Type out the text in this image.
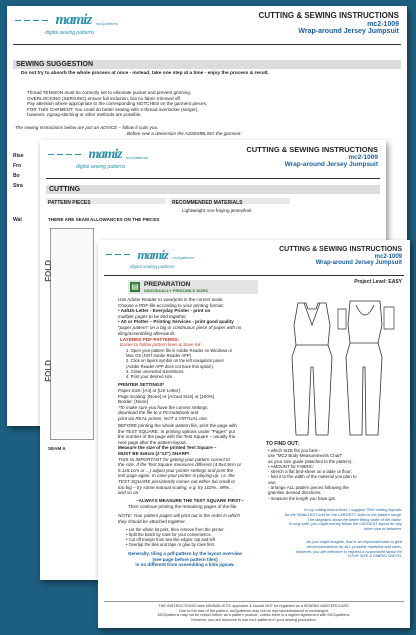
mamiz mc2patterns
digital sewing patterns
CUTTING & SEWING INSTRUCTIONS
mc2-1009
Wrap-around Jersey Jumpsuit
SEWING SUGGESTION
Do not try to absorb the whole process at once - instead, take one step at a time - enjoy the process & result.
Thread TENSION must be correctly set to eliminate pucker and prevent grinning.
OVERLOCKING (SERGING) ensure full inclusion, but no fabric trimmed off.
Pay attention where appropriate to the corresponding NOTCHES on the garment pieces.
FOR THIS GARMENT: You could do better sewing with 4-thread overlocker (serger),
however, zigzag-stitching or other methods are possible.
The sewing instructions below are just an ADVICE – follow it suits you.
Before sew a dimension the ASSEMBLING the garment.
Rise
Fro
Bo
Stra
Wai
mamiz mc2patterns
digital sewing patterns
CUTTING & SEWING INSTRUCTIONS
mc2-1009
Wrap-around Jersey Jumpsuit
CUTTING
PATTERN PIECES	RECOMMENDED MATERIALS
Lightweight non-fraying jersey/knit
THERE ARE SEAM ALLOWANCES ON THE PIECES
FOLD
FOLD
SEAM A
mamiz mc2patterns
digital sewing patterns
CUTTING & SEWING INSTRUCTIONS
mc2-1009
Wrap-around Jersey Jumpsuit
Project Level: EASY
▤ PREPARATION
INDIVIDUALLY PRINTABLE SIZES
Use Adobe Reader to view/print in the correct scale.
Choose a PDF-file according to your printing format:
• A4/US-Letter - Everyday Printer - print on
multiple pages to be tied together.
• A0 or Plotter – Printing Services - print good quality
"paper pattern" on a big or continuous piece of paper with no
tiling/assembling afterwards.
LAYERED PDF-PATTERNS:
Easier to follow pattern lines & Save ink
1. Open your pattern file in Adobe Reader on Windows or
Mac OS (NOT Adobe Reader APP).
2. Click on layers symbol on the left navigation panel
(Adobe Reader APP does not have this option).
3. Close unneeded sizes/slices.
4. Print your desired size.
PRINTER SETTINGS*
Paper Size: [A4] or [US Letter]
Page Scaling: [None] or [Actual Size] or [100%]
Border: [None]
*To make sure you have the correct settings,
download the file to a PC/notebook and
print via REAL printer, NOT a VIRTUAL one.
BEFORE printing the whole pattern file, print the page with
the TEST SQUARE. In printing options under "Pages" put
the number of the page with the Test Square – usually the
next page after the pattern-layout.
Measure the size of the printed Test Square –
MUST BE 5x5cm (2"x2") SHARP!
THIS IS IMPORTANT for getting your pattern correct to
the size. If the Test Square measures different (4.9x4.9cm or
5.1x5.1cm or ...) adjust your printer settings and print the
test page again. In case your printer is playing-up, i.e. the
TEST SQUARE persistently comes out either too small or
too big – try some manual scaling, e.g. try 102%...98%...
and so on.
~ALWAYS MEASURE THE TEST SQUARE FIRST~
Then continue printing the remaining pages of the file.
NOTE: Your pattern pages will print out in the order in which
they should be attached together.
• Let the whole lot print, then remove from the printer.
• Split the batch by rows for your convenience.
• Cut off margin from two like edges: top and left
• Overlap the tiles and tape or glue by rows first.
Generally, tiling a pdf-pattern by the layout overview
(see page before pattern tiles)
is no different from assembling a kids jigsaw.
TO FIND OUT:
• which SIZE fits you best -
use "MC2 Body-Measurements Chart"
as your size guide (attached to the pattern).
• AMOUNT for FABRIC:
- stretch a flat bed-sheet on a table or floor;
- fold it to the width of the material you plan to
use;
- arrange ALL pattern pieces following the
grainline desired directions;
- measure the length you have got.
In my cutting instructions, I suggest TWO cutting layouts:
for the SMALLEST and for the LARGEST sizes in the pattern range.
The diagrams show the better fitting width of the fabric.
To stay safe, you might merely follow the LARGEST layout for any
other size in between.
As you might imagine, that is an impossible task to give
recommendations for ALL possible materials and sizes.
However, you are welcome to request a customised layout for
YOUR SIZE & FABRIC WIDTH.
THE INSTRUCTIONS have MINIMALISTIC approach & should NOT be regarded as a SEWING MASTERCLASS.
Due to the size of the pattern, mc2patterns may not be reproduced/shared or exchanged.
MC2patterns may not be resold further as a pattern product, unless there is a signed agreement with MC2patterns.
However, you are welcome to use mc2-patterns in your sewing production.
